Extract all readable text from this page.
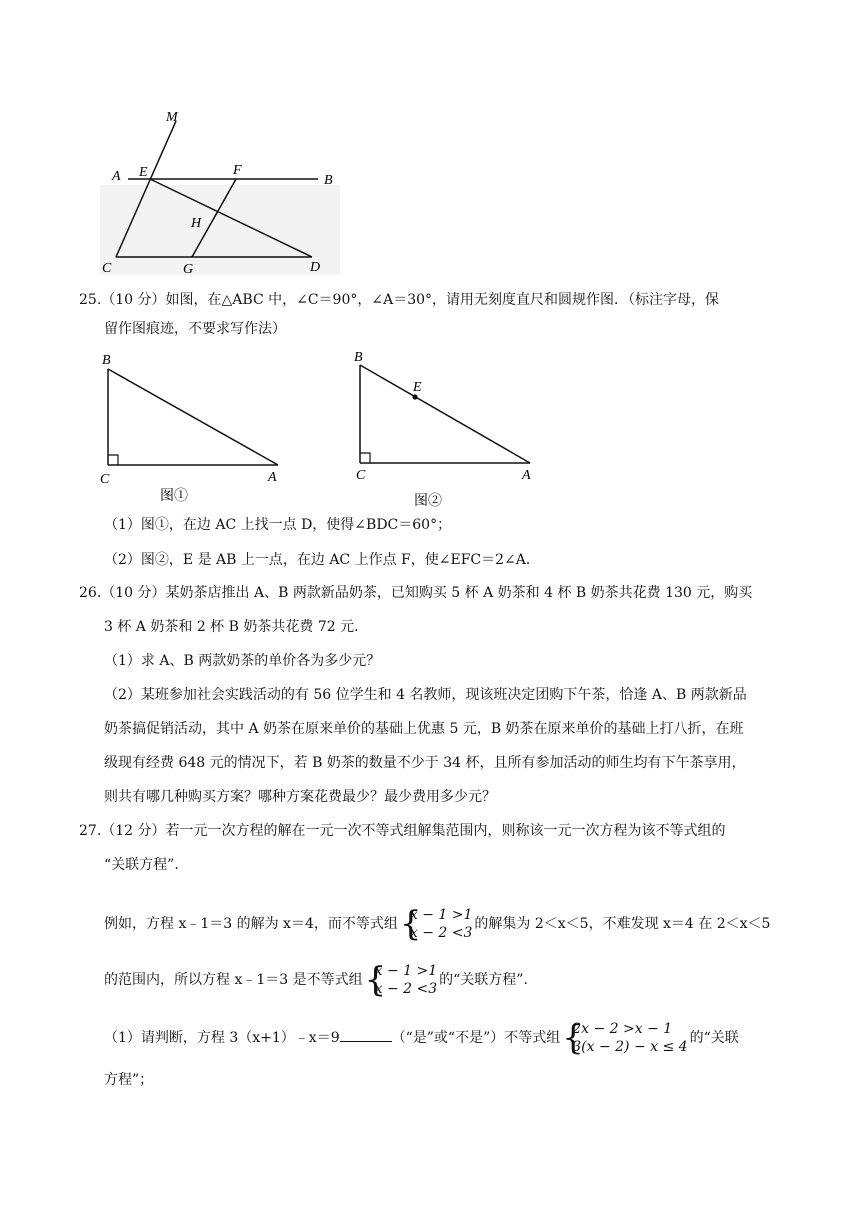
M
A E	F
B
H
C	G	D
25.（10 分）如图，在△ABC 中，∠C＝90°，∠A＝30°，请用无刻度直尺和圆规作图．（标注字母，保
留作图痕迹，不要求写作法）
B
C	A
图①
B
E
C	A
图②
（1）图①，在边 AC 上找一点 D，使得∠BDC＝60°；
（2）图②，E 是 AB 上一点，在边 AC 上作点 F，使∠EFC＝2∠A．
26.（10 分）某奶茶店推出 A、B 两款新品奶茶，已知购买 5 杯 A 奶茶和 4 杯 B 奶茶共花费 130 元，购买
3 杯 A 奶茶和 2 杯 B 奶茶共花费 72 元．
（1）求 A、B 两款奶茶的单价各为多少元？
（2）某班参加社会实践活动的有 56 位学生和 4 名教师，现该班决定团购下午茶，恰逢 A、B 两款新品
奶茶搞促销活动，其中 A 奶茶在原来单价的基础上优惠 5 元，B 奶茶在原来单价的基础上打八折，在班
级现有经费 648 元的情况下，若 B 奶茶的数量不少于 34 杯，且所有参加活动的师生均有下午茶享用，
则共有哪几种购买方案？哪种方案花费最少？最少费用多少元？
27.（12 分）若一元一次方程的解在一元一次不等式组解集范围内，则称该一元一次方程为该不等式组的
“关联方程”.
例如，方程 x﹣1＝3 的解为 x＝4，而不等式组 {
x − 1 >1
x − 2 <3
的解集为 2＜x＜5，不难发现 x＝4 在 2＜x＜5
的范围内，所以方程 x﹣1＝3 是不等式组 {
x − 1 >1
x − 2 <3
的“关联方程”.
（1）请判断，方程 3（x+1）﹣x＝9	（“是”或“不是”）不等式组 {
2x − 2 >x − 1
3(x − 2) − x ≤ 4
的“关联
方程”；
